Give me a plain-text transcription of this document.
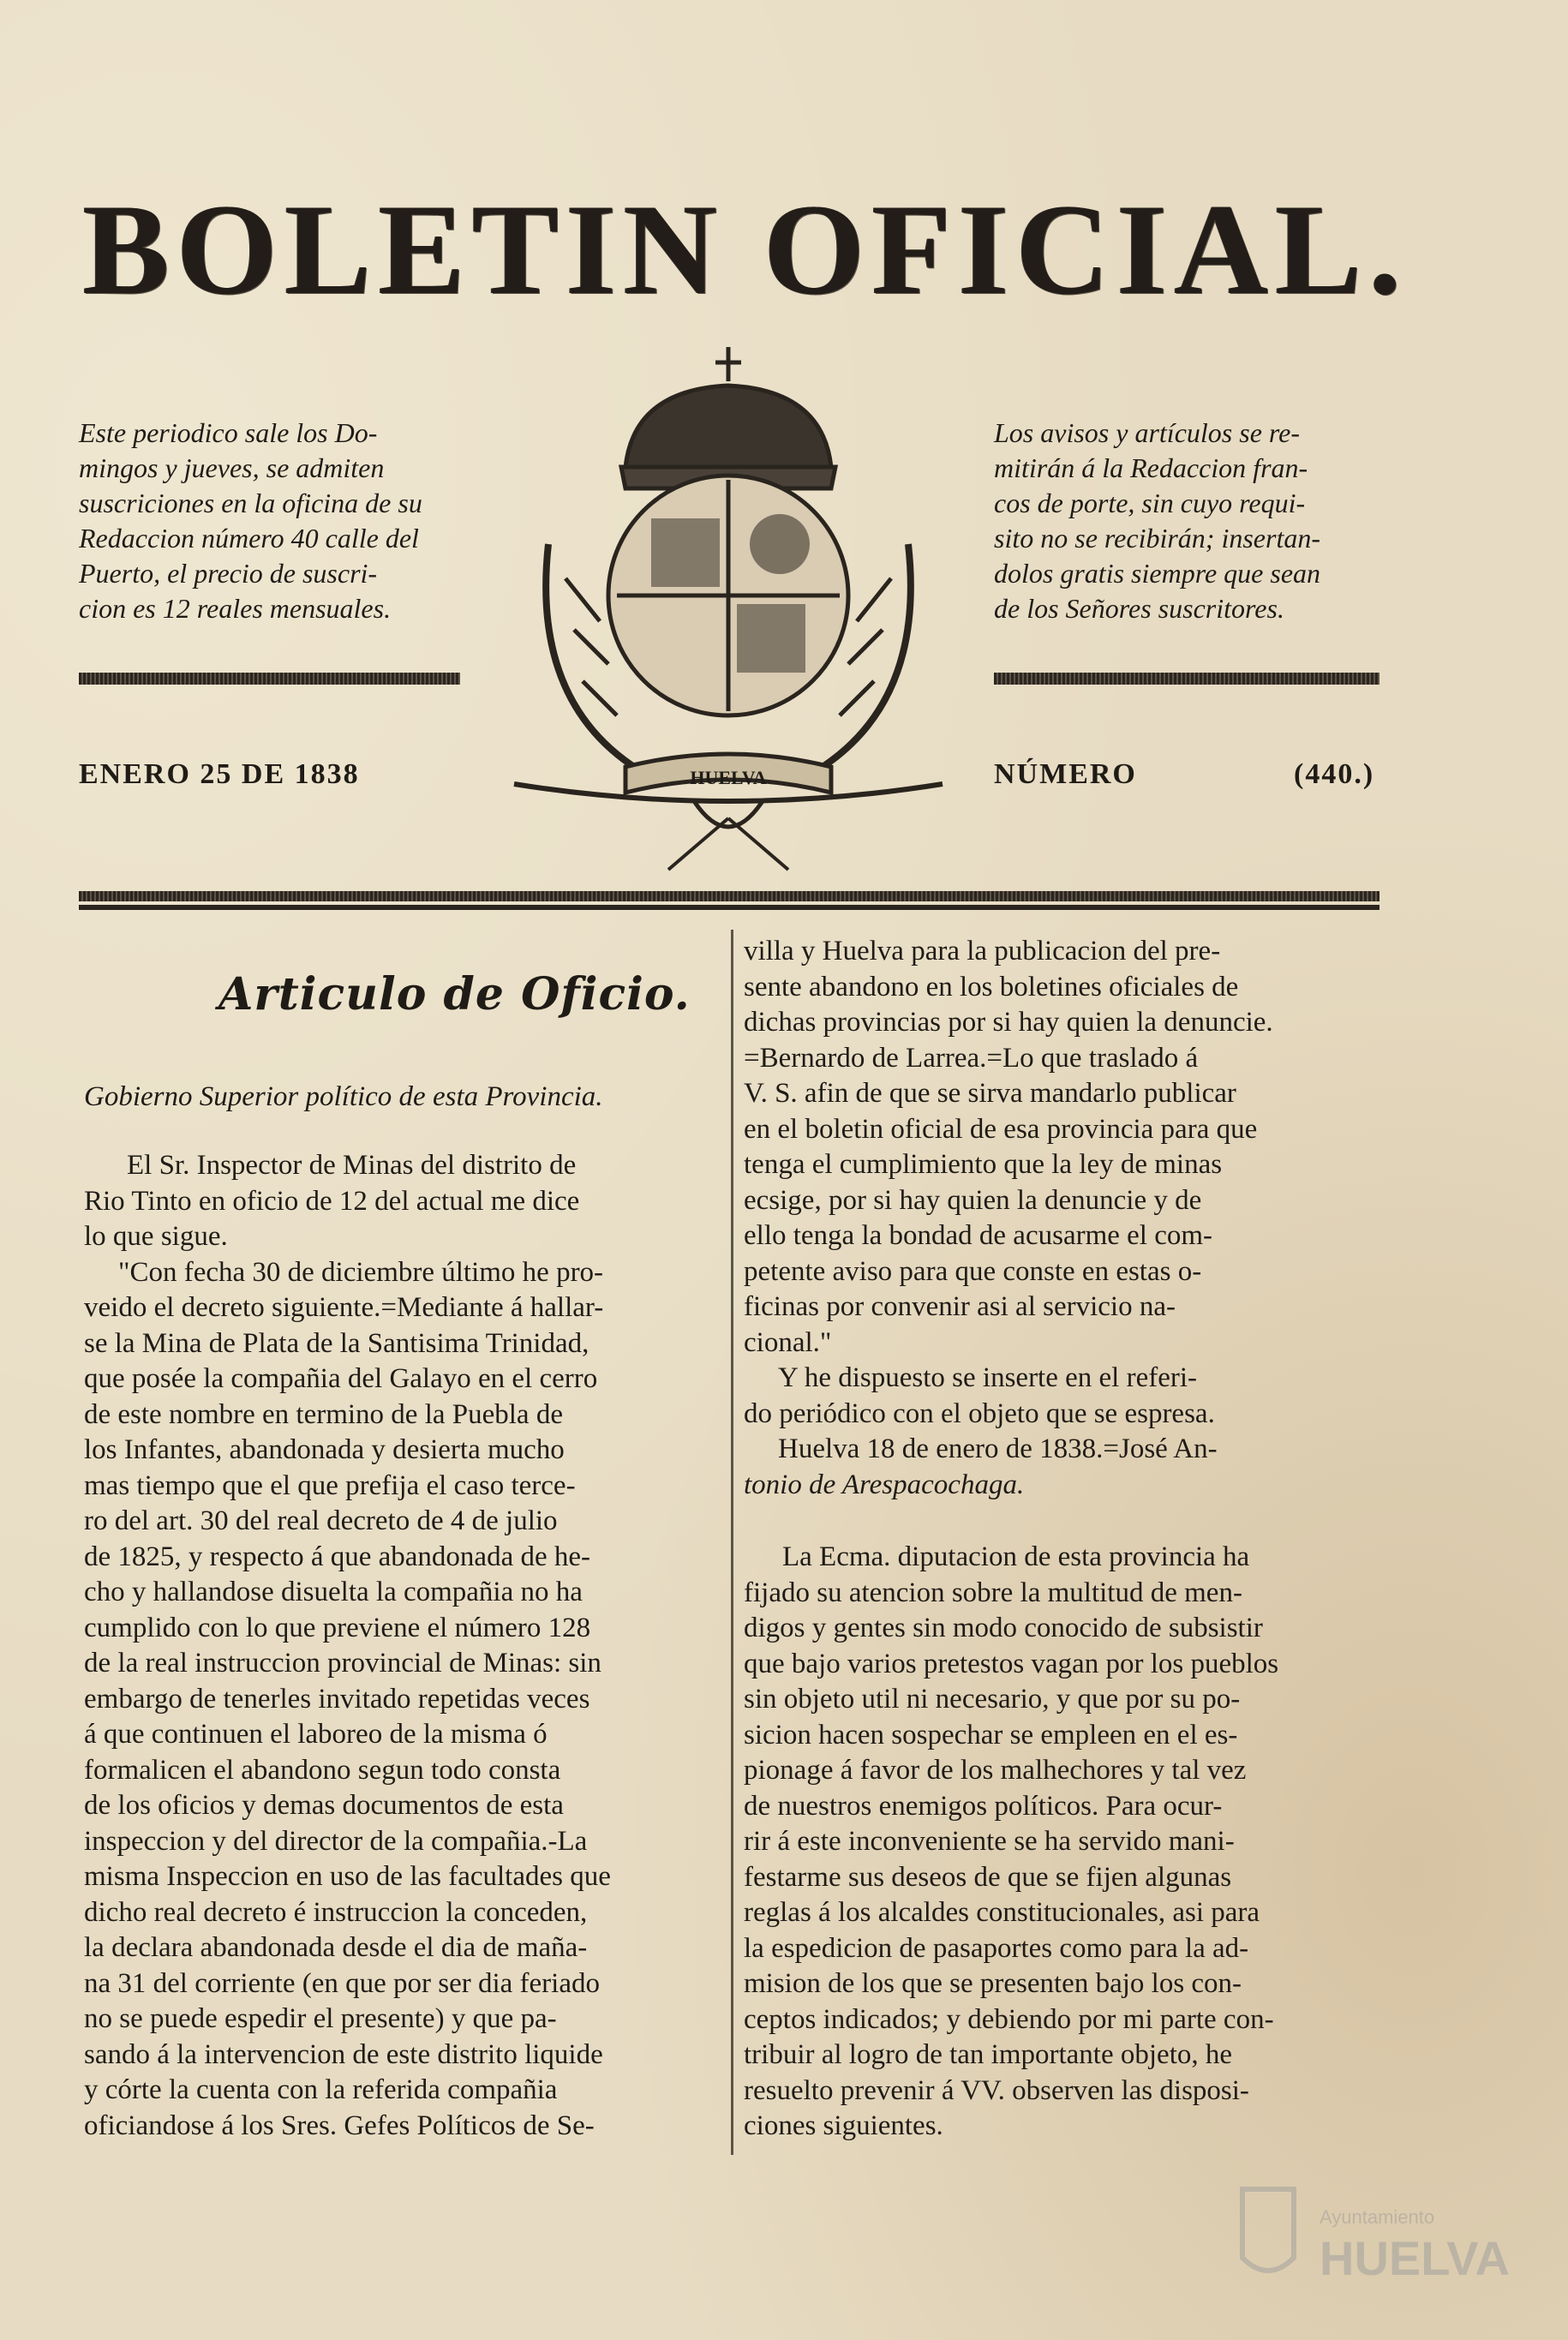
BOLETIN OFICIAL.
Este periodico sale los Do-
mingos y jueves, se admiten
suscriciones en la oficina de su
Redaccion número 40 calle del
Puerto, el precio de suscri-
cion es 12 reales mensuales.
Los avisos y artículos se re-
mitirán á la Redaccion fran-
cos de porte, sin cuyo requi-
sito no se recibirán; insertan-
dolos gratis siempre que sean
de los Señores suscritores.
ENERO 25 DE 1838	NÚMERO	(440.)
HUELVA
Articulo de Oficio.
Gobierno Superior político de esta Provincia.
El Sr. Inspector de Minas del distrito de
Rio Tinto en oficio de 12 del actual me dice
lo que sigue.
"Con fecha 30 de diciembre último he pro-
veido el decreto siguiente.=Mediante á hallar-
se la Mina de Plata de la Santisima Trinidad,
que posée la compañia del Galayo en el cerro
de este nombre en termino de la Puebla de
los Infantes, abandonada y desierta mucho
mas tiempo que el que prefija el caso terce-
ro del art. 30 del real decreto de 4 de julio
de 1825, y respecto á que abandonada de he-
cho y hallandose disuelta la compañia no ha
cumplido con lo que previene el número 128
de la real instruccion provincial de Minas: sin
embargo de tenerles invitado repetidas veces
á que continuen el laboreo de la misma ó
formalicen el abandono segun todo consta
de los oficios y demas documentos de esta
inspeccion y del director de la compañia.-La
misma Inspeccion en uso de las facultades que
dicho real decreto é instruccion la conceden,
la declara abandonada desde el dia de maña-
na 31 del corriente (en que por ser dia feriado
no se puede espedir el presente) y que pa-
sando á la intervencion de este distrito liquide
y córte la cuenta con la referida compañia
oficiandose á los Sres. Gefes Políticos de Se-
villa y Huelva para la publicacion del pre-
sente abandono en los boletines oficiales de
dichas provincias por si hay quien la denuncie.
=Bernardo de Larrea.=Lo que traslado á
V. S. afin de que se sirva mandarlo publicar
en el boletin oficial de esa provincia para que
tenga el cumplimiento que la ley de minas
ecsige, por si hay quien la denuncie y de
ello tenga la bondad de acusarme el com-
petente aviso para que conste en estas o-
ficinas por convenir asi al servicio na-
cional."
Y he dispuesto se inserte en el referi-
do periódico con el objeto que se espresa.
Huelva 18 de enero de 1838.=José An-
tonio de Arespacochaga.
La Ecma. diputacion de esta provincia ha
fijado su atencion sobre la multitud de men-
digos y gentes sin modo conocido de subsistir
que bajo varios pretestos vagan por los pueblos
sin objeto util ni necesario, y que por su po-
sicion hacen sospechar se empleen en el es-
pionage á favor de los malhechores y tal vez
de nuestros enemigos políticos. Para ocur-
rir á este inconveniente se ha servido mani-
festarme sus deseos de que se fijen algunas
reglas á los alcaldes constitucionales, asi para
la espedicion de pasaportes como para la ad-
mision de los que se presenten bajo los con-
ceptos indicados; y debiendo por mi parte con-
tribuir al logro de tan importante objeto, he
resuelto prevenir á VV. observen las disposi-
ciones siguientes.
Ayuntamiento
HUELVA
